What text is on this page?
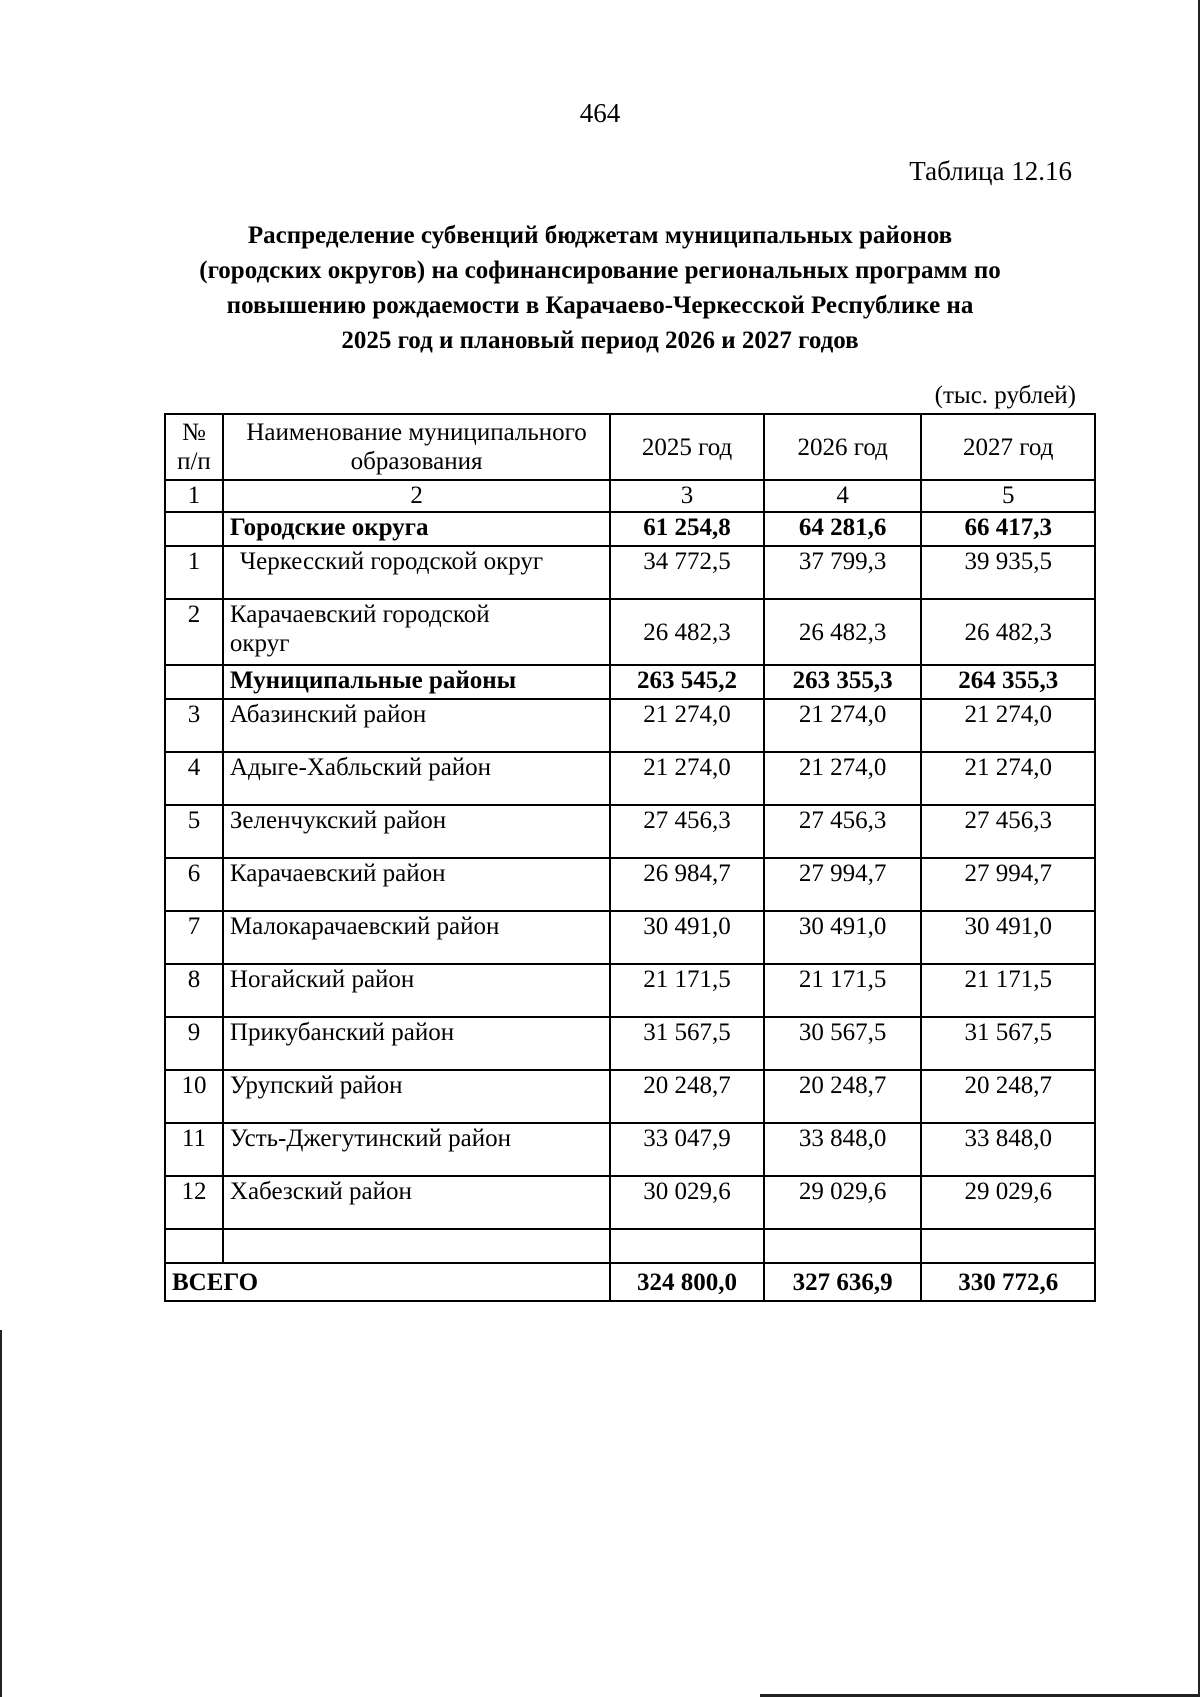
464
Таблица 12.16
Распределение субвенций бюджетам муниципальных районов
(городских округов) на софинансирование региональных программ по
повышению рождаемости в Карачаево-Черкесской Республике на
2025 год и плановый период 2026 и 2027 годов
(тыс. рублей)
№ п/п	Наименование муниципального образования	2025 год	2026 год	2027 год
1	2	3	4	5
	Городские округа	61 254,8	64 281,6	66 417,3
1	Черкесский городской округ	34 772,5	37 799,3	39 935,5
2	Карачаевский городской округ	26 482,3	26 482,3	26 482,3
	Муниципальные районы	263 545,2	263 355,3	264 355,3
3	Абазинский район	21 274,0	21 274,0	21 274,0
4	Адыге-Хабльский район	21 274,0	21 274,0	21 274,0
5	Зеленчукский район	27 456,3	27 456,3	27 456,3
6	Карачаевский район	26 984,7	27 994,7	27 994,7
7	Малокарачаевский район	30 491,0	30 491,0	30 491,0
8	Ногайский район	21 171,5	21 171,5	21 171,5
9	Прикубанский район	31 567,5	30 567,5	31 567,5
10	Урупский район	20 248,7	20 248,7	20 248,7
11	Усть-Джегутинский район	33 047,9	33 848,0	33 848,0
12	Хабезский район	30 029,6	29 029,6	29 029,6

ВСЕГО		324 800,0	327 636,9	330 772,6
